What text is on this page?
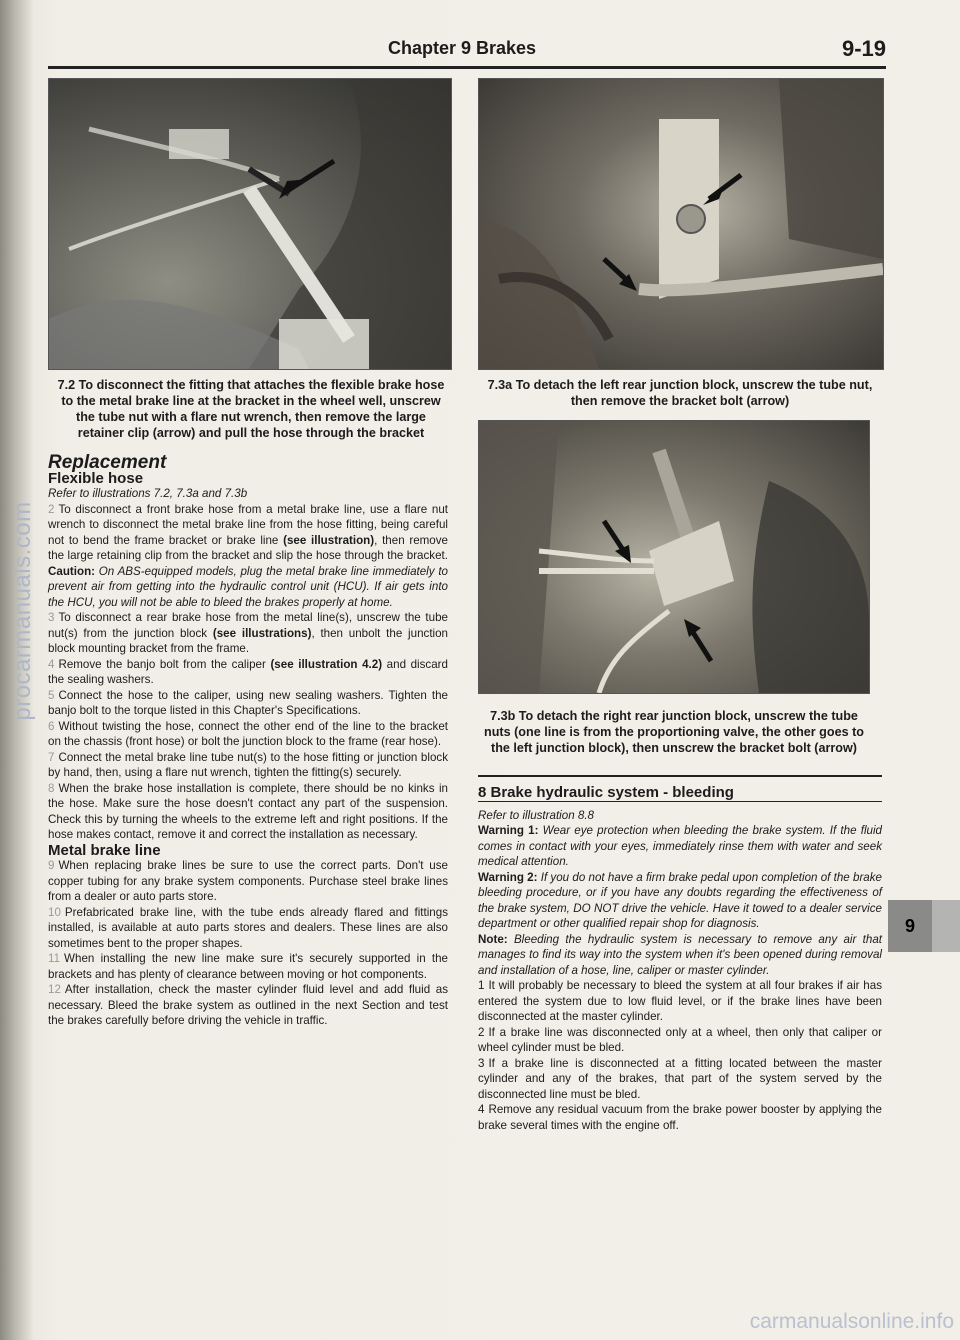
procarmanuals.com
Chapter 9 Brakes	9-19
7.2 To disconnect the fitting that attaches the flexible brake hose to the metal brake line at the bracket in the wheel well, unscrew the tube nut with a flare nut wrench, then remove the large retainer clip (arrow) and pull the hose through the bracket
7.3a To detach the left rear junction block, unscrew the tube nut, then remove the bracket bolt (arrow)
7.3b To detach the right rear junction block, unscrew the tube nuts (one line is from the proportioning valve, the other goes to the left junction block), then unscrew the bracket bolt (arrow)

Replacement

Flexible hose

Refer to illustrations 7.2, 7.3a and 7.3b

2 To disconnect a front brake hose from a metal brake line, use a flare nut wrench to disconnect the metal brake line from the hose fitting, being careful not to bend the frame bracket or brake line (see illustration), then remove the large retaining clip from the bracket and slip the hose through the bracket. Caution: On ABS-equipped models, plug the metal brake line immediately to prevent air from getting into the hydraulic control unit (HCU). If air gets into the HCU, you will not be able to bleed the brakes properly at home.

3 To disconnect a rear brake hose from the metal line(s), unscrew the tube nut(s) from the junction block (see illustrations), then unbolt the junction block mounting bracket from the frame.

4 Remove the banjo bolt from the caliper (see illustration 4.2) and discard the sealing washers.

5 Connect the hose to the caliper, using new sealing washers. Tighten the banjo bolt to the torque listed in this Chapter's Specifications.

6 Without twisting the hose, connect the other end of the line to the bracket on the chassis (front hose) or bolt the junction block to the frame (rear hose).

7 Connect the metal brake line tube nut(s) to the hose fitting or junction block by hand, then, using a flare nut wrench, tighten the fitting(s) securely.

8 When the brake hose installation is complete, there should be no kinks in the hose. Make sure the hose doesn't contact any part of the suspension. Check this by turning the wheels to the extreme left and right positions. If the hose makes contact, remove it and correct the installation as necessary.

Metal brake line

9 When replacing brake lines be sure to use the correct parts. Don't use copper tubing for any brake system components. Purchase steel brake lines from a dealer or auto parts store.

10 Prefabricated brake line, with the tube ends already flared and fittings installed, is available at auto parts stores and dealers. These lines are also sometimes bent to the proper shapes.

11 When installing the new line make sure it's securely supported in the brackets and has plenty of clearance between moving or hot components.

12 After installation, check the master cylinder fluid level and add fluid as necessary. Bleed the brake system as outlined in the next Section and test the brakes carefully before driving the vehicle in traffic.

8 Brake hydraulic system - bleeding

Refer to illustration 8.8

Warning 1: Wear eye protection when bleeding the brake system. If the fluid comes in contact with your eyes, immediately rinse them with water and seek medical attention.

Warning 2: If you do not have a firm brake pedal upon completion of the brake bleeding procedure, or if you have any doubts regarding the effectiveness of the brake system, DO NOT drive the vehicle. Have it towed to a dealer service department or other qualified repair shop for diagnosis.

Note: Bleeding the hydraulic system is necessary to remove any air that manages to find its way into the system when it's been opened during removal and installation of a hose, line, caliper or master cylinder.

1 It will probably be necessary to bleed the system at all four brakes if air has entered the system due to low fluid level, or if the brake lines have been disconnected at the master cylinder.

2 If a brake line was disconnected only at a wheel, then only that caliper or wheel cylinder must be bled.

3 If a brake line is disconnected at a fitting located between the master cylinder and any of the brakes, that part of the system served by the disconnected line must be bled.

4 Remove any residual vacuum from the brake power booster by applying the brake several times with the engine off.

9
carmanualsonline.info
